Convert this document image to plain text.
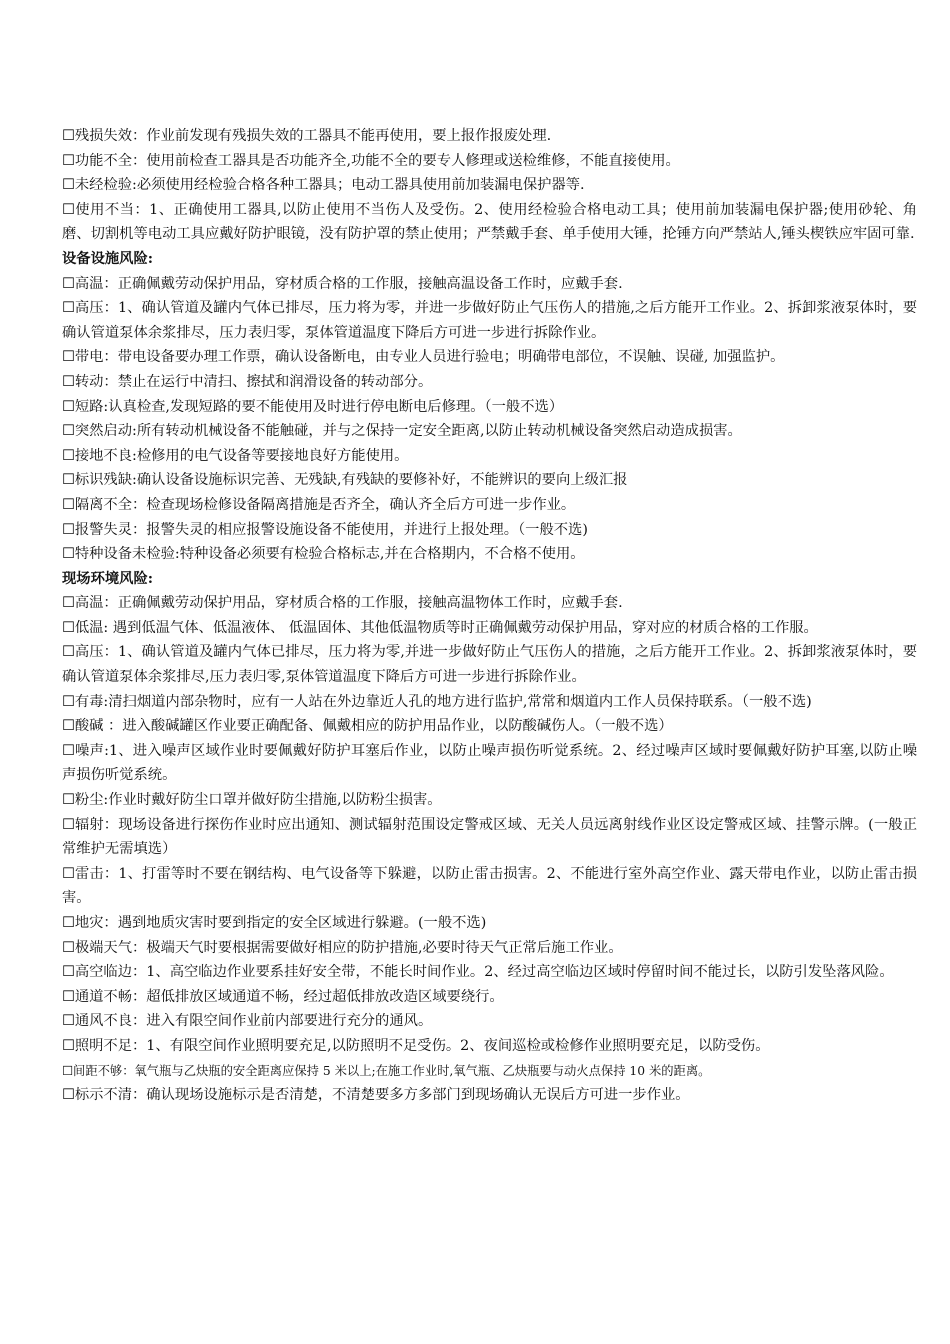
☐残损失效：作业前发现有残损失效的工器具不能再使用，要上报作报废处理.

☐功能不全：使用前检查工器具是否功能齐全,功能不全的要专人修理或送检维修，不能直接使用。

☐未经检验:必须使用经检验合格各种工器具；电动工器具使用前加装漏电保护器等.

☐使用不当：1、正确使用工器具,以防止使用不当伤人及受伤。2、使用经检验合格电动工具；使用前加装漏电保护器;使用砂轮、角磨、切割机等电动工具应戴好防护眼镜，没有防护罩的禁止使用；严禁戴手套、单手使用大锤，抡锤方向严禁站人,锤头楔铁应牢固可靠.

设备设施风险:

☐高温：正确佩戴劳动保护用品，穿材质合格的工作服，接触高温设备工作时，应戴手套.

☐高压：1、确认管道及罐内气体已排尽，压力将为零，并进一步做好防止气压伤人的措施,之后方能开工作业。2、拆卸浆液泵体时，要确认管道泵体余浆排尽，压力表归零，泵体管道温度下降后方可进一步进行拆除作业。

☐带电：带电设备要办理工作票，确认设备断电，由专业人员进行验电；明确带电部位，不误触、误碰, 加强监护。

☐转动：禁止在运行中清扫、擦拭和润滑设备的转动部分。

☐短路:认真检查,发现短路的要不能使用及时进行停电断电后修理。（一般不选）

☐突然启动:所有转动机械设备不能触碰，并与之保持一定安全距离,以防止转动机械设备突然启动造成损害。

☐接地不良:检修用的电气设备等要接地良好方能使用。

☐标识残缺:确认设备设施标识完善、无残缺,有残缺的要修补好，不能辨识的要向上级汇报

☐隔离不全：检查现场检修设备隔离措施是否齐全，确认齐全后方可进一步作业。

☐报警失灵：报警失灵的相应报警设施设备不能使用，并进行上报处理。（一般不选)

☐特种设备未检验:特种设备必须要有检验合格标志,并在合格期内，不合格不使用。

现场环境风险:

☐高温：正确佩戴劳动保护用品，穿材质合格的工作服，接触高温物体工作时，应戴手套.

☐低温: 遇到低温气体、低温液体、 低温固体、其他低温物质等时正确佩戴劳动保护用品，穿对应的材质合格的工作服。

☐高压：1、确认管道及罐内气体已排尽，压力将为零,并进一步做好防止气压伤人的措施，之后方能开工作业。2、拆卸浆液泵体时，要确认管道泵体余浆排尽,压力表归零,泵体管道温度下降后方可进一步进行拆除作业。

☐有毒:清扫烟道内部杂物时，应有一人站在外边靠近人孔的地方进行监护,常常和烟道内工作人员保持联系。（一般不选)

☐酸碱 ：进入酸碱罐区作业要正确配备、佩戴相应的防护用品作业，以防酸碱伤人。（一般不选）

☐噪声:1、进入噪声区域作业时要佩戴好防护耳塞后作业，以防止噪声损伤听觉系统。2、经过噪声区域时要佩戴好防护耳塞,以防止噪声损伤听觉系统。

☐粉尘:作业时戴好防尘口罩并做好防尘措施,以防粉尘损害。

☐辐射：现场设备进行探伤作业时应出通知、测试辐射范围设定警戒区域、无关人员远离射线作业区设定警戒区域、挂警示牌。(一般正常维护无需填选）

☐雷击：1、打雷等时不要在钢结构、电气设备等下躲避，以防止雷击损害。2、不能进行室外高空作业、露天带电作业，以防止雷击损害。

☐地灾：遇到地质灾害时要到指定的安全区域进行躲避。(一般不选)

☐极端天气：极端天气时要根据需要做好相应的防护措施,必要时待天气正常后施工作业。

☐高空临边：1、高空临边作业要系挂好安全带，不能长时间作业。2、经过高空临边区域时停留时间不能过长，以防引发坠落风险。

☐通道不畅：超低排放区域通道不畅，经过超低排放改造区域要绕行。

☐通风不良：进入有限空间作业前内部要进行充分的通风。

☐照明不足：1、有限空间作业照明要充足,以防照明不足受伤。2、夜间巡检或检修作业照明要充足，以防受伤。

☐间距不够：氧气瓶与乙炔瓶的安全距离应保持 5 米以上;在施工作业时,氧气瓶、乙炔瓶要与动火点保持 10 米的距离。

☐标示不清：确认现场设施标示是否清楚，不清楚要多方多部门到现场确认无误后方可进一步作业。
